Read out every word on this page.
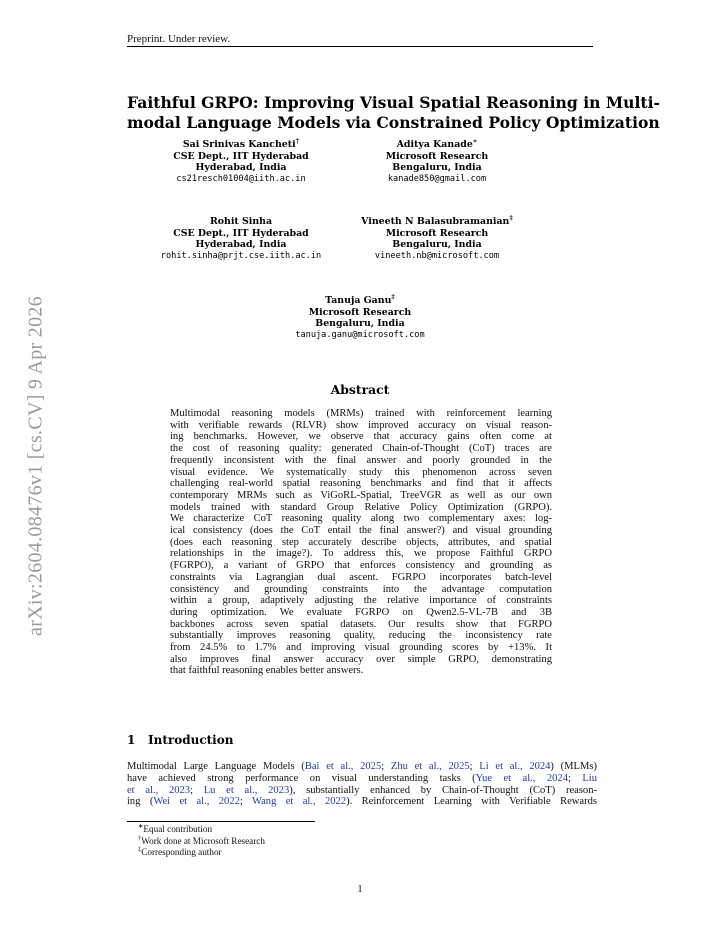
Preprint. Under review.
arXiv:2604.08476v1 [cs.CV] 9 Apr 2026
Faithful GRPO: Improving Visual Spatial Reasoning in Multi-
modal Language Models via Constrained Policy Optimization
Sai Srinivas Kancheti†
CSE Dept., IIT Hyderabad
Hyderabad, India
cs21resch01004@iith.ac.in
Aditya Kanade∗
Microsoft Research
Bengaluru, India
kanade850@gmail.com
Rohit Sinha
CSE Dept., IIT Hyderabad
Hyderabad, India
rohit.sinha@prjt.cse.iith.ac.in
Vineeth N Balasubramanian‡
Microsoft Research
Bengaluru, India
vineeth.nb@microsoft.com
Tanuja Ganu‡
Microsoft Research
Bengaluru, India
tanuja.ganu@microsoft.com
Abstract
Multimodal reasoning models (MRMs) trained with reinforcement learning
with verifiable rewards (RLVR) show improved accuracy on visual reason-
ing benchmarks. However, we observe that accuracy gains often come at
the cost of reasoning quality: generated Chain-of-Thought (CoT) traces are
frequently inconsistent with the final answer and poorly grounded in the
visual evidence. We systematically study this phenomenon across seven
challenging real-world spatial reasoning benchmarks and find that it affects
contemporary MRMs such as ViGoRL-Spatial, TreeVGR as well as our own
models trained with standard Group Relative Policy Optimization (GRPO).
We characterize CoT reasoning quality along two complementary axes: log-
ical consistency (does the CoT entail the final answer?) and visual grounding
(does each reasoning step accurately describe objects, attributes, and spatial
relationships in the image?). To address this, we propose Faithful GRPO
(FGRPO), a variant of GRPO that enforces consistency and grounding as
constraints via Lagrangian dual ascent. FGRPO incorporates batch-level
consistency and grounding constraints into the advantage computation
within a group, adaptively adjusting the relative importance of constraints
during optimization. We evaluate FGRPO on Qwen2.5-VL-7B and 3B
backbones across seven spatial datasets. Our results show that FGRPO
substantially improves reasoning quality, reducing the inconsistency rate
from 24.5% to 1.7% and improving visual grounding scores by +13%. It
also improves final answer accuracy over simple GRPO, demonstrating
that faithful reasoning enables better answers.
1 Introduction
Multimodal Large Language Models (Bai et al., 2025; Zhu et al., 2025; Li et al., 2024) (MLMs)
have achieved strong performance on visual understanding tasks (Yue et al., 2024; Liu
et al., 2023; Lu et al., 2023), substantially enhanced by Chain-of-Thought (CoT) reason-
ing (Wei et al., 2022; Wang et al., 2022). Reinforcement Learning with Verifiable Rewards
∗Equal contribution
†Work done at Microsoft Research
‡Corresponding author
1
